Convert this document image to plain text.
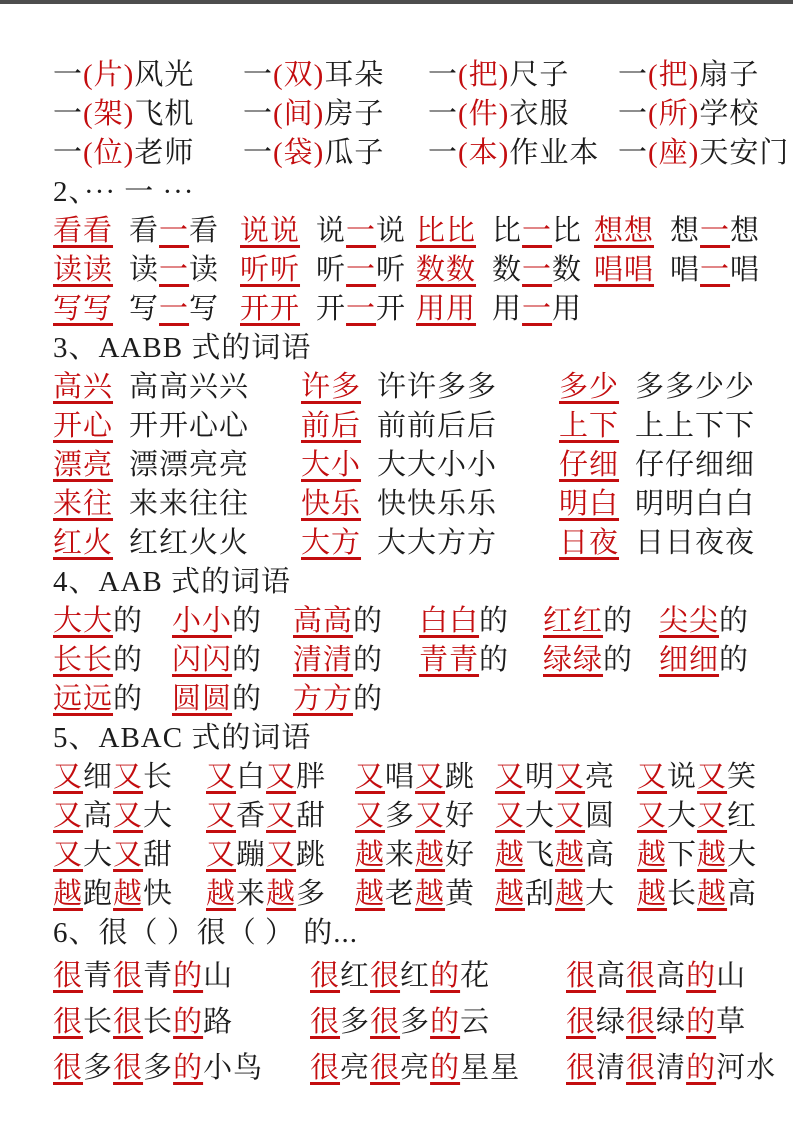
一(片)风光	一(双)耳朵	一(把)尺子	一(把)扇子
一(架)飞机	一(间)房子	一(件)衣服	一(所)学校
一(位)老师	一(袋)瓜子	一(本)作业本 一(座)天安门
2、··· 一 ···
看看 看一看 说说 说一说 比比 比一比 想想 想一想
读读 读一读 听听 听一听 数数 数一数 唱唱 唱一唱
写写 写一写 开开 开一开 用用 用一用
3、AABB 式的词语
高兴 高高兴兴	许多 许许多多	多少 多多少少
开心 开开心心	前后 前前后后	上下 上上下下
漂亮 漂漂亮亮	大小 大大小小	仔细 仔仔细细
来往 来来往往	快乐 快快乐乐	明白 明明白白
红火 红红火火	大方 大大方方	日夜 日日夜夜
4、AAB 式的词语
大大的 小小的	高高的	白白的	红红的 尖尖的
长长的 闪闪的	清清的	青青的	绿绿的 细细的
远远的 圆圆的	方方的
5、ABAC 式的词语
又细又长	又白又胖 又唱又跳 又明又亮 又说又笑
又高又大	又香又甜 又多又好 又大又圆 又大又红
又大又甜	又蹦又跳 越来越好 越飞越高 越下越大
越跑越快	越来越多 越老越黄 越刮越大 越长越高
6、很（ ）很（ ） 的...
很青很青的山	很红很红的花	很高很高的山
很长很长的路	很多很多的云	很绿很绿的草
很多很多的小鸟	很亮很亮的星星	很清很清的河水
